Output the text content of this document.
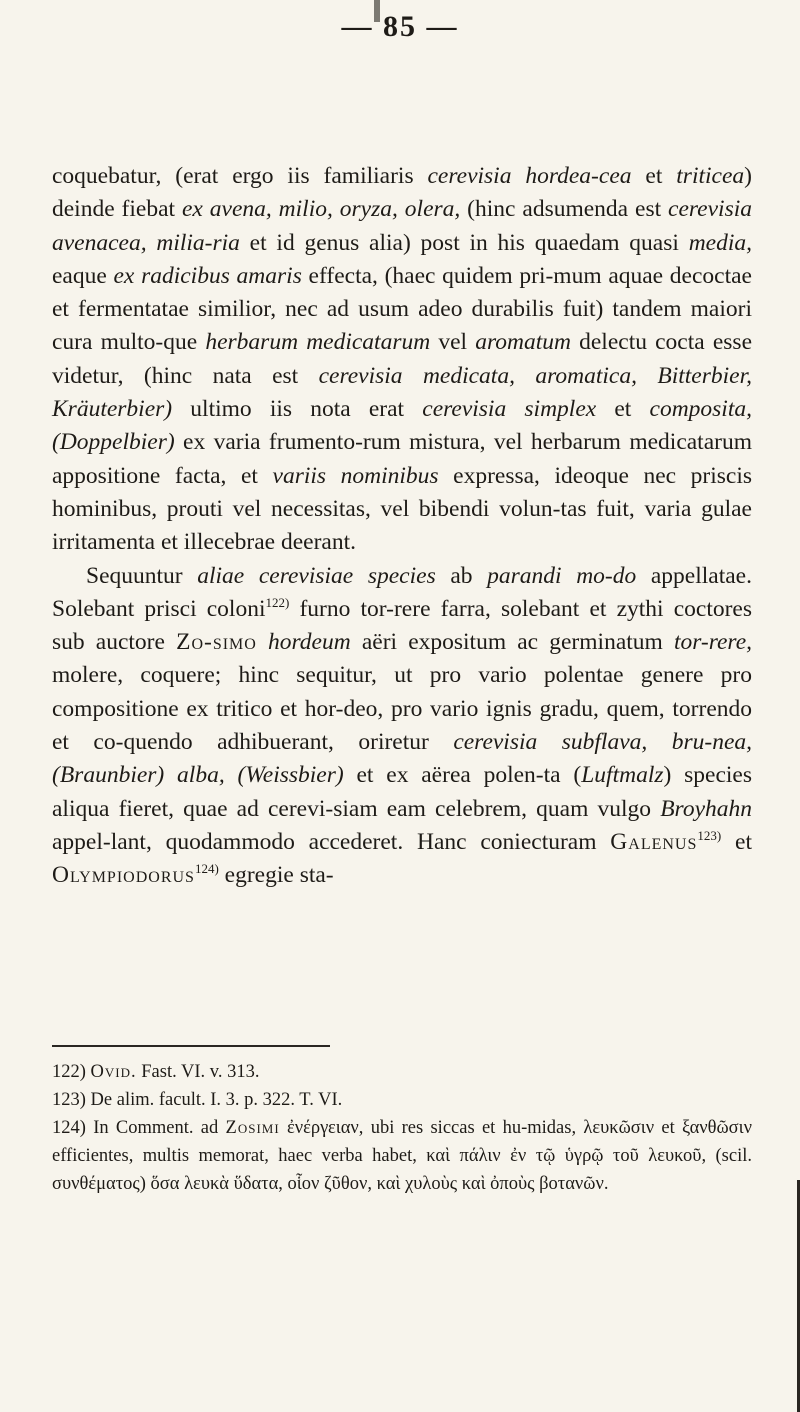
— 85 —

coquebatur, (erat ergo iis familiaris cerevisia hordea-cea et triticea) deinde fiebat ex avena, milio, oryza, olera, (hinc adsumenda est cerevisia avenacea, milia-ria et id genus alia) post in his quaedam quasi media, eaque ex radicibus amaris effecta, (haec quidem pri-mum aquae decoctae et fermentatae similior, nec ad usum adeo durabilis fuit) tandem maiori cura multo-que herbarum medicatarum vel aromatum delectu cocta esse videtur, (hinc nata est cerevisia medicata, aromatica, Bitterbier, Kräuterbier) ultimo iis nota erat cerevisia simplex et composita, (Doppelbier) ex varia frumento-rum mistura, vel herbarum medicatarum appositione facta, et variis nominibus expressa, ideoque nec priscis hominibus, prouti vel necessitas, vel bibendi volun-tas fuit, varia gulae irritamenta et illecebrae deerant.

Sequuntur aliae cerevisiae species ab parandi mo-do appellatae. Solebant prisci coloni$^{122)}$ furno tor-rere farra, solebant et zythi coctores sub auctore Zo-simo hordeum aëri expositum ac germinatum tor-rere, molere, coquere; hinc sequitur, ut pro vario polentae genere pro compositione ex tritico et hor-deo, pro vario ignis gradu, quem, torrendo et co-quendo adhibuerant, oriretur cerevisia subflava, bru-nea, (Braunbier) alba, (Weissbier) et ex aërea polen-ta (Luftmalz) species aliqua fieret, quae ad cerevi-siam eam celebrem, quam vulgo Broyhahn appel-lant, quodammodo accederet. Hanc coniecturam Galenus$^{123)}$ et Olympiodorus$^{124)}$ egregie sta-

122) Ovid. Fast. VI. v. 313.

123) De alim. facult. I. 3. p. 322. T. VI.

124) In Comment. ad Zosimi ἐνέργειαν, ubi res siccas et hu-midas, λευκῶσιν et ξανθῶσιν efficientes, multis memorat, haec verba habet, καὶ πάλιν ἐν τῷ ὑγρῷ τοῦ λευκοῦ, (scil. συνθέματος) ὅσα λευκὰ ὕδατα, οἷον ζῦθον, καὶ χυλοὺς καὶ ὀποὺς βοτανῶν.
